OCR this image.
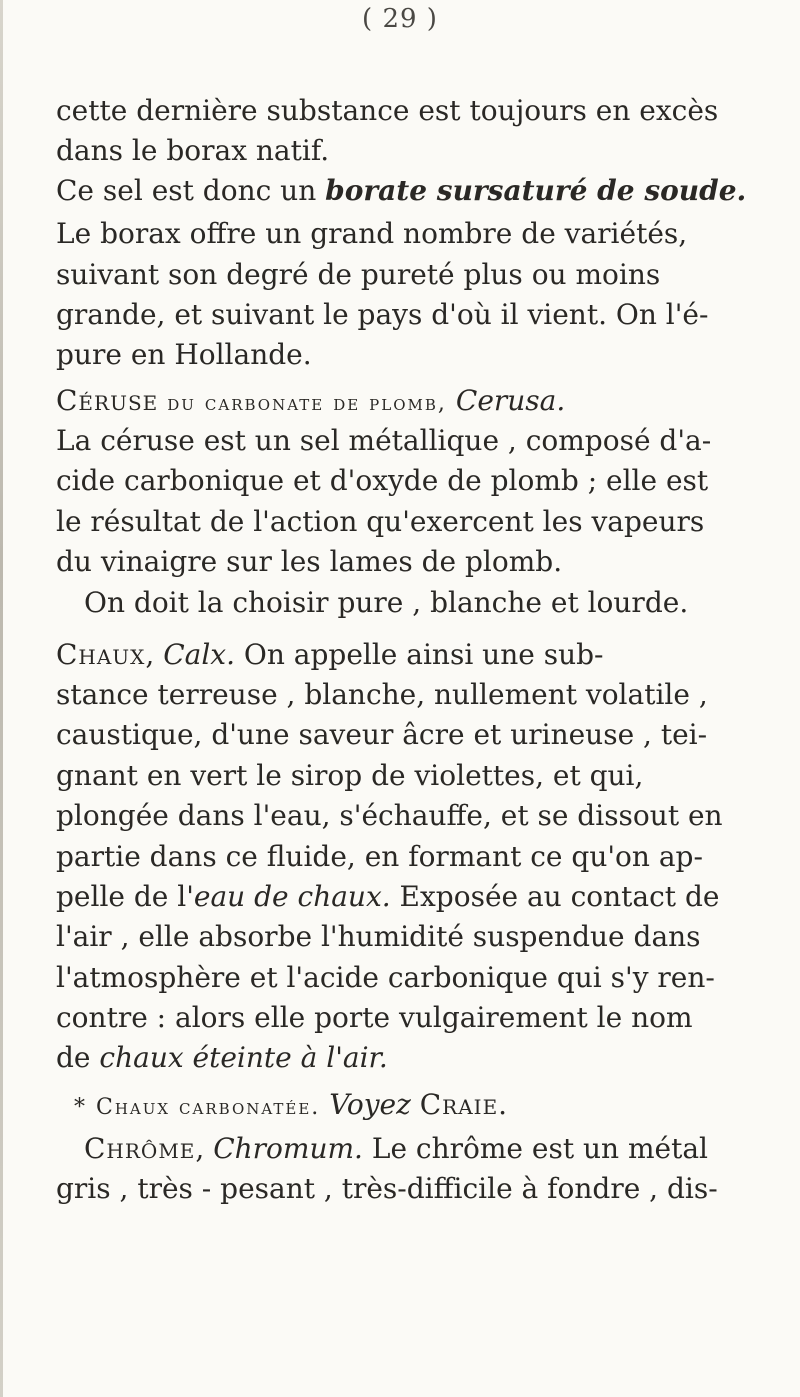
( 29 )
cette dernière substance est toujours en excès
dans le borax natif.
Ce sel est donc un borate sursaturé de soude.
Le borax offre un grand nombre de variétés,
suivant son degré de pureté plus ou moins
grande, et suivant le pays d'où il vient. On l'é-
pure en Hollande.
Céruse du carbonate de plomb, Cerusa.
La céruse est un sel métallique , composé d'a-
cide carbonique et d'oxyde de plomb ; elle est
le résultat de l'action qu'exercent les vapeurs
du vinaigre sur les lames de plomb.
On doit la choisir pure , blanche et lourde.
Chaux, Calx. On appelle ainsi une sub-
stance terreuse , blanche, nullement volatile ,
caustique, d'une saveur âcre et urineuse , tei-
gnant en vert le sirop de violettes, et qui,
plongée dans l'eau, s'échauffe, et se dissout en
partie dans ce fluide, en formant ce qu'on ap-
pelle de l'eau de chaux. Exposée au contact de
l'air , elle absorbe l'humidité suspendue dans
l'atmosphère et l'acide carbonique qui s'y ren-
contre : alors elle porte vulgairement le nom
de chaux éteinte à l'air.
* Chaux carbonatée. Voyez Craie.
Chrôme, Chromum. Le chrôme est un métal
gris , très - pesant , très-difficile à fondre , dis-
